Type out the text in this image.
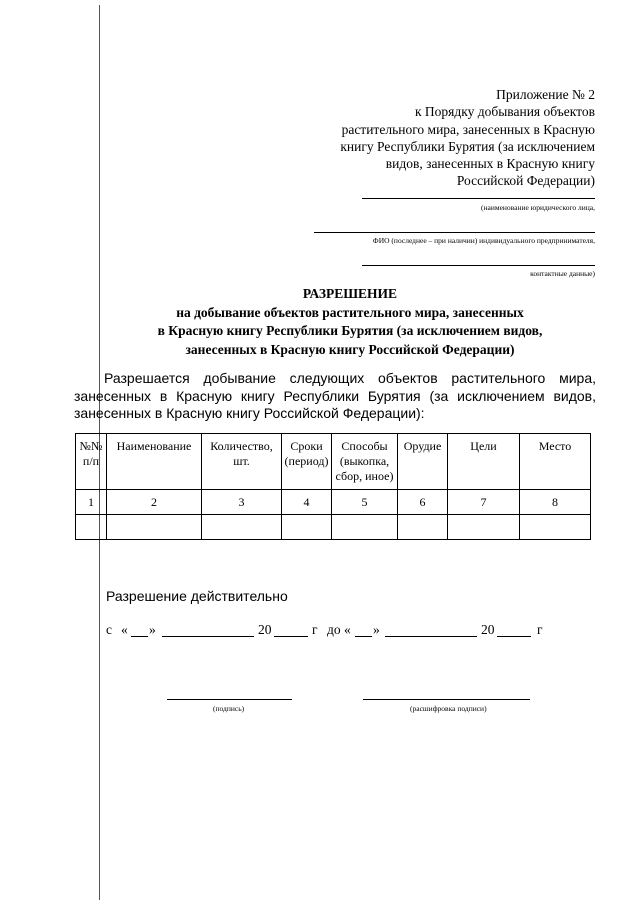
Приложение № 2
к Порядку добывания объектов
растительного мира, занесенных в Красную
книгу Республики Бурятия (за исключением
видов, занесенных в Красную книгу
Российской Федерации)
(наименование юридического лица,
ФИО (последнее – при наличии) индивидуального предпринимателя,
контактные данные)
РАЗРЕШЕНИЕ
на добывание объектов растительного мира, занесенных
в Красную книгу Республики Бурятия (за исключением видов,
занесенных в Красную книгу Российской Федерации)
Разрешается добывание следующих объектов растительного мира, занесенных в Красную книгу Республики Бурятия (за исключением видов, занесенных в Красную книгу Российской Федерации):
№№ п/п	Наименование	Количество, шт.	Сроки (период)	Способы (выкопка, сбор, иное)	Орудие	Цели	Место
1	2	3	4	5	6	7	8

Разрешение действительно
с « »	20	г до « »	20	г
(подпись)	(расшифровка подписи)
